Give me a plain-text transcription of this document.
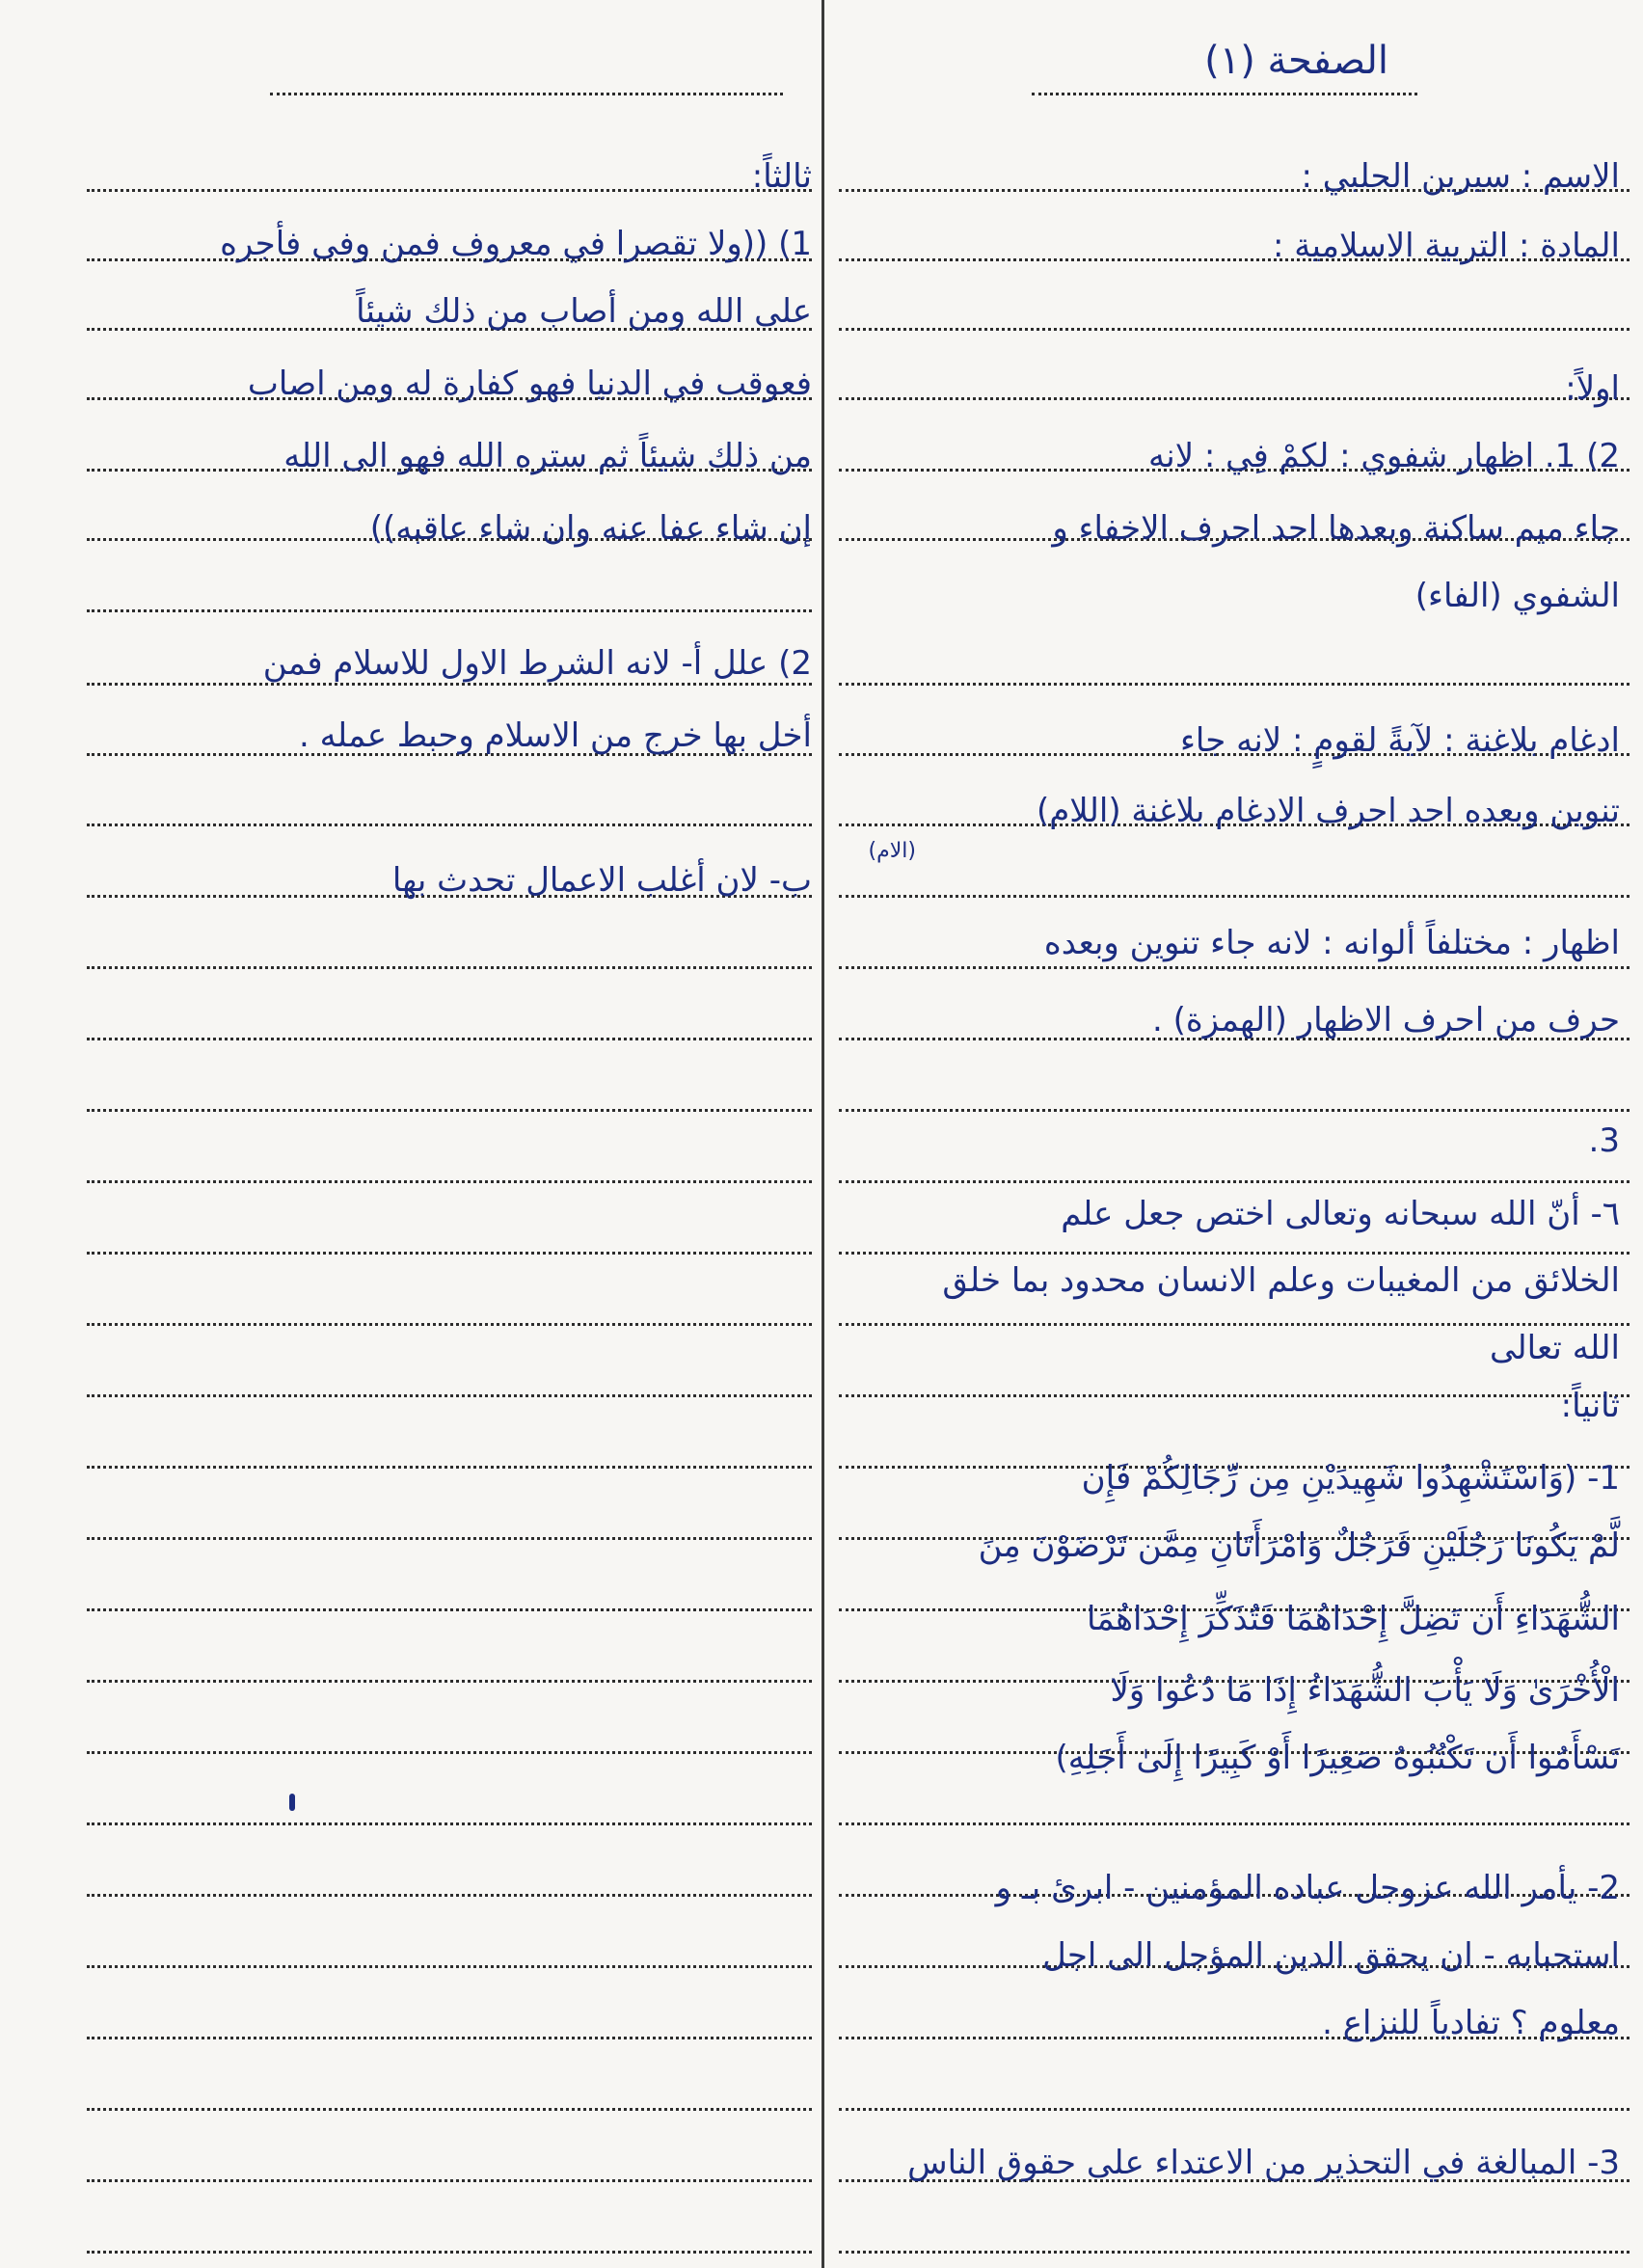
الصفحة (١)
الاسم : سيرين الحلبي :
المادة : التربية الاسلامية :
اولاً:
2) 1. اظهار شفوي : لكمْ فِي : لانه
جاء ميم ساكنة وبعدها احد احرف الاخفاء و
الشفوي (الفاء)
ادغام بلاغنة : لآيةً لقومٍ : لانه جاء
تنوين وبعده احد احرف الادغام بلاغنة (اللام)
(الام)
اظهار : مختلفاً ألوانه : لانه جاء تنوين وبعده
حرف من احرف الاظهار (الهمزة) .
3.
٦- أنّ الله سبحانه وتعالى اختص جعل علم
الخلائق من المغيبات وعلم الانسان محدود بما خلق
الله تعالى
ثانياً:
1- (وَاسْتَشْهِدُوا شَهِيدَيْنِ مِن رِّجَالِكُمْ فَإِن
لَّمْ يَكُونَا رَجُلَيْنِ فَرَجُلٌ وَامْرَأَتَانِ مِمَّن تَرْضَوْنَ مِنَ
الشُّهَدَاءِ أَن تَضِلَّ إِحْدَاهُمَا فَتُذَكِّرَ إِحْدَاهُمَا
الْأُخْرَىٰ وَلَا يَأْبَ الشُّهَدَاءُ إِذَا مَا دُعُوا وَلَا
تَسْأَمُوا أَن تَكْتُبُوهُ صَغِيرًا أَوْ كَبِيرًا إِلَىٰ أَجَلِهِ)
2- يأمر الله عزوجل عباده المؤمنين - ابرئ بـ و
استحبابه - ان يحقق الدين المؤجل الى اجل
معلوم ؟ تفادياً للنزاع .
3- المبالغة في التحذير من الاعتداء على حقوق الناس
ثالثاً:
1) ((ولا تقصرا في معروف فمن وفى فأجره
على الله ومن أصاب من ذلك شيئاً
فعوقب في الدنيا فهو كفارة له ومن اصاب
من ذلك شيئاً ثم ستره الله فهو الى الله
إن شاء عفا عنه وان شاء عاقبه))
2) علل أ- لانه الشرط الاول للاسلام فمن
أخل بها خرج من الاسلام وحبط عمله .
ب- لان أغلب الاعمال تحدث بها
